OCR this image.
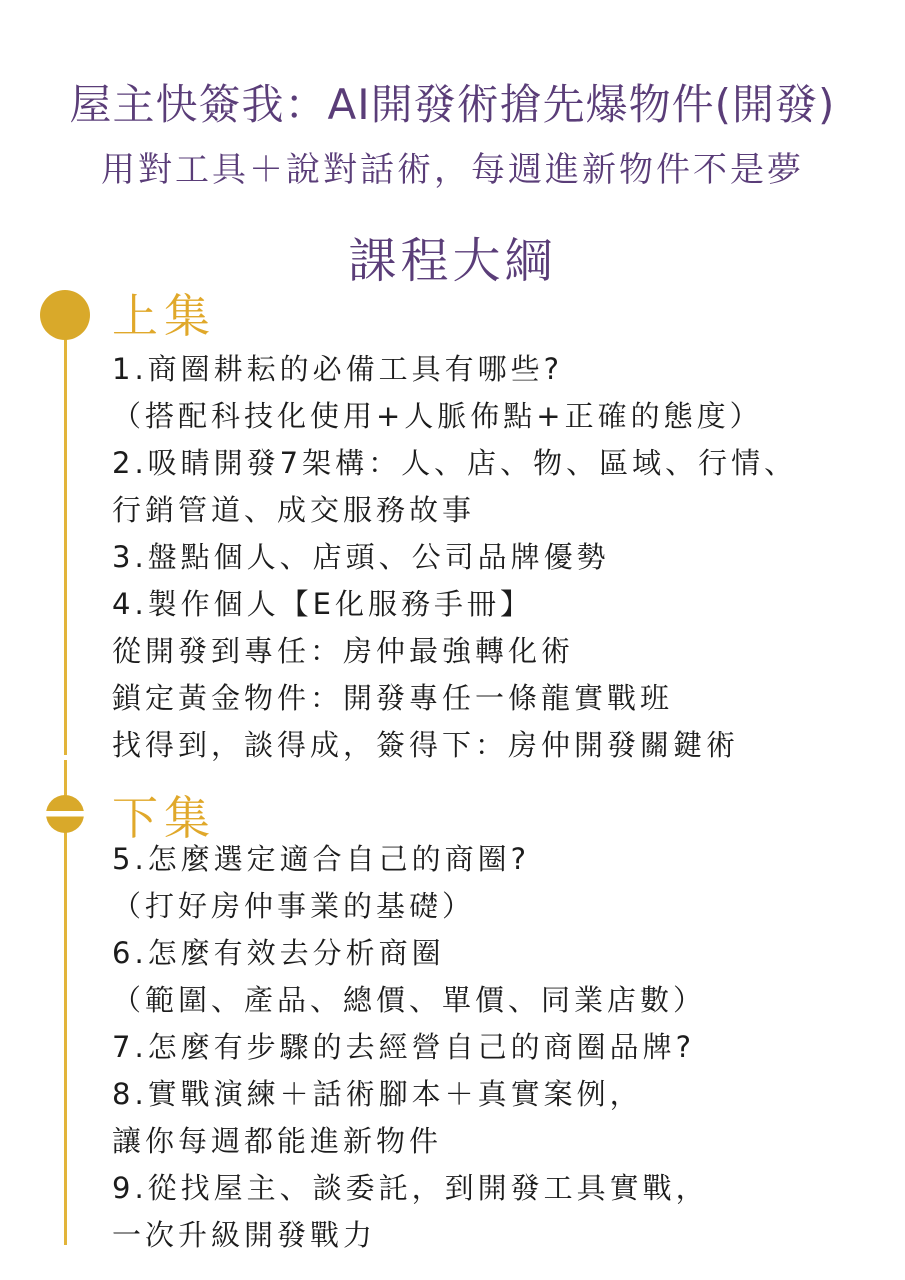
屋主快簽我：AI開發術搶先爆物件(開發)
用對工具＋說對話術，每週進新物件不是夢
課程大綱
上集
1.商圈耕耘的必備工具有哪些?
（搭配科技化使用+人脈佈點+正確的態度）
2.吸睛開發7架構：人、店、物、區域、行情、
行銷管道、成交服務故事
3.盤點個人、店頭、公司品牌優勢
4.製作個人【E化服務手冊】
從開發到專任：房仲最強轉化術
鎖定黃金物件：開發專任一條龍實戰班
找得到，談得成，簽得下：房仲開發關鍵術
下集
5.怎麼選定適合自己的商圈?
（打好房仲事業的基礎）
6.怎麼有效去分析商圈
（範圍、產品、總價、單價、同業店數）
7.怎麼有步驟的去經營自己的商圈品牌?
8.實戰演練＋話術腳本＋真實案例，
讓你每週都能進新物件
9.從找屋主、談委託，到開發工具實戰，
一次升級開發戰力
